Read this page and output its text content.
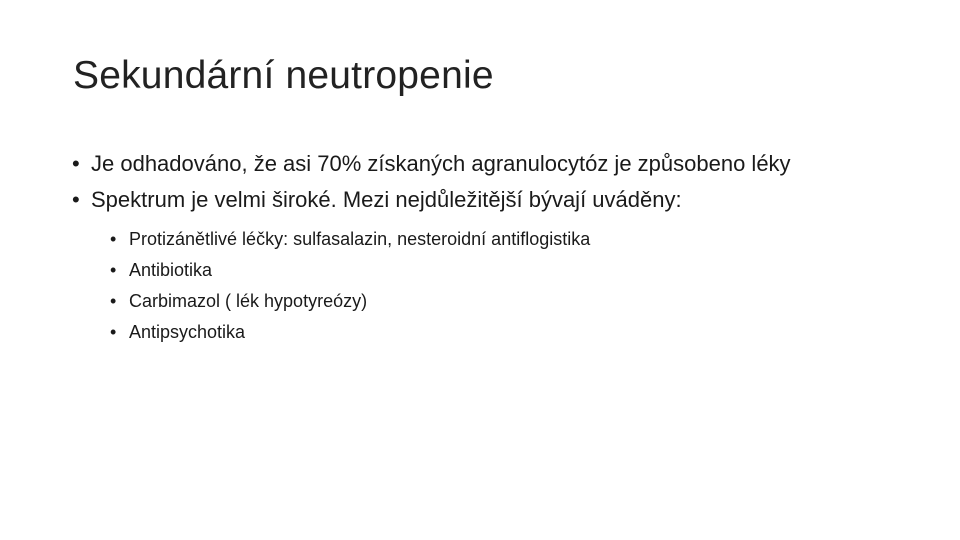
Sekundární neutropenie
• Je odhadováno, že asi 70% získaných agranulocytóz je způsobeno léky
• Spektrum je velmi široké. Mezi nejdůležitější bývají uváděny:
• Protizánětlivé léčky: sulfasalazin, nesteroidní antiflogistika
• Antibiotika
• Carbimazol ( lék hypotyreózy)
• Antipsychotika
